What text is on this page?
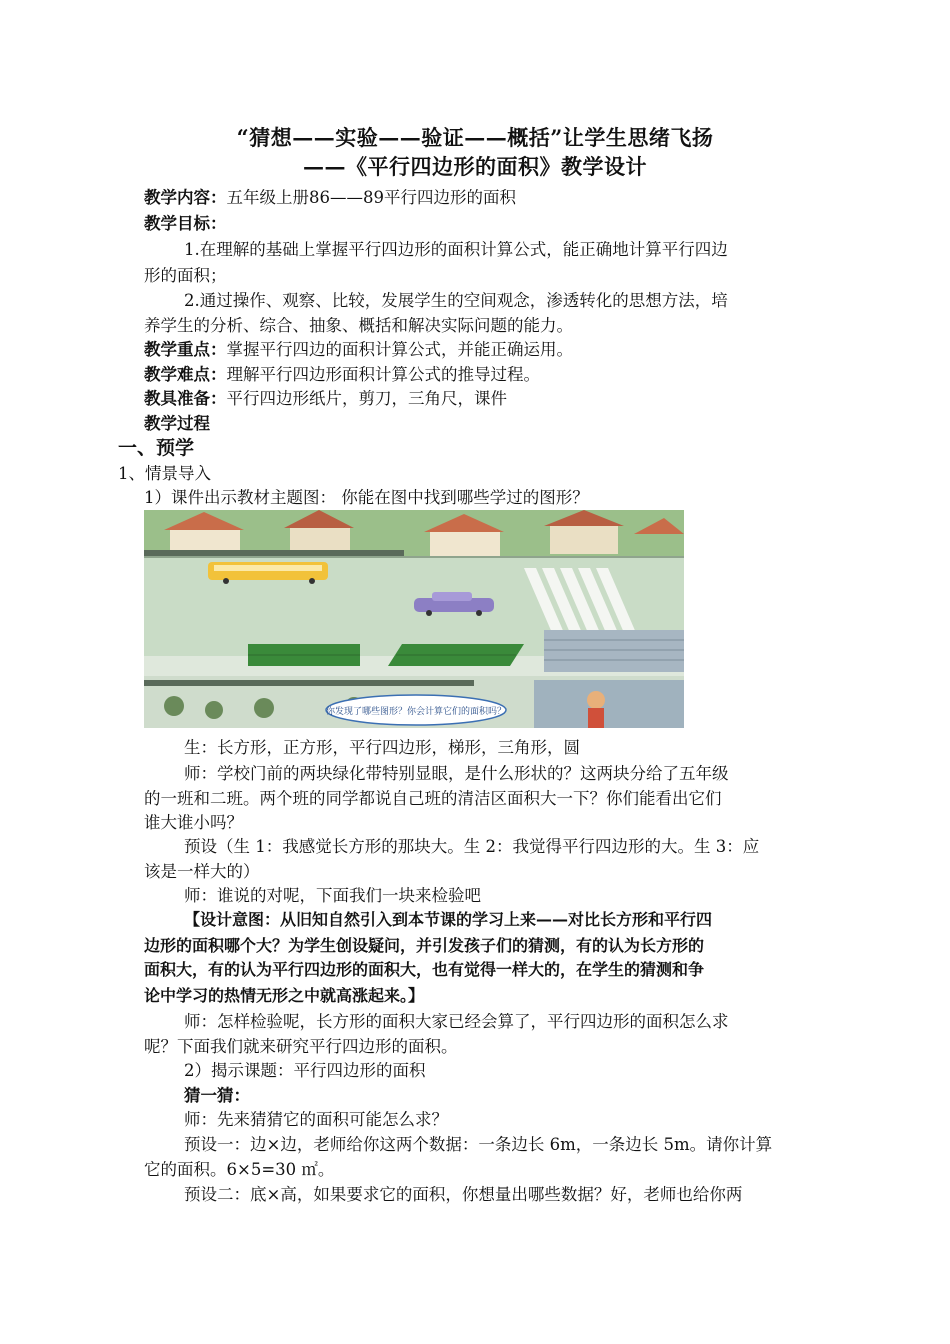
“猜想——实验——验证——概括”让学生思绪飞扬
——《平行四边形的面积》教学设计
教学内容：五年级上册86——89平行四边形的面积
教学目标：
1.在理解的基础上掌握平行四边形的面积计算公式，能正确地计算平行四边
形的面积；
2.通过操作、观察、比较，发展学生的空间观念，渗透转化的思想方法，培
养学生的分析、综合、抽象、概括和解决实际问题的能力。
教学重点：掌握平行四边的面积计算公式，并能正确运用。
教学难点：理解平行四边形面积计算公式的推导过程。
教具准备：平行四边形纸片，剪刀，三角尺，课件
教学过程
一、预学
1、情景导入
1）课件出示教材主题图： 你能在图中找到哪些学过的图形？
你发现了哪些图形？你会计算它们的面积吗？
生：长方形，正方形，平行四边形，梯形，三角形，圆
师：学校门前的两块绿化带特别显眼，是什么形状的？这两块分给了五年级
的一班和二班。两个班的同学都说自己班的清洁区面积大一下？你们能看出它们
谁大谁小吗？
预设（生 1：我感觉长方形的那块大。生 2：我觉得平行四边形的大。生 3：应
该是一样大的）
师：谁说的对呢，下面我们一块来检验吧
【设计意图：从旧知自然引入到本节课的学习上来——对比长方形和平行四
边形的面积哪个大？为学生创设疑问，并引发孩子们的猜测，有的认为长方形的
面积大，有的认为平行四边形的面积大，也有觉得一样大的，在学生的猜测和争
论中学习的热情无形之中就高涨起来。】
师：怎样检验呢，长方形的面积大家已经会算了，平行四边形的面积怎么求
呢？下面我们就来研究平行四边形的面积。
2）揭示课题：平行四边形的面积
猜一猜：
师：先来猜猜它的面积可能怎么求？
预设一：边×边，老师给你这两个数据：一条边长 6m，一条边长 5m。请你计算
它的面积。6×5=30 ㎡。
预设二：底×高，如果要求它的面积，你想量出哪些数据？好，老师也给你两
